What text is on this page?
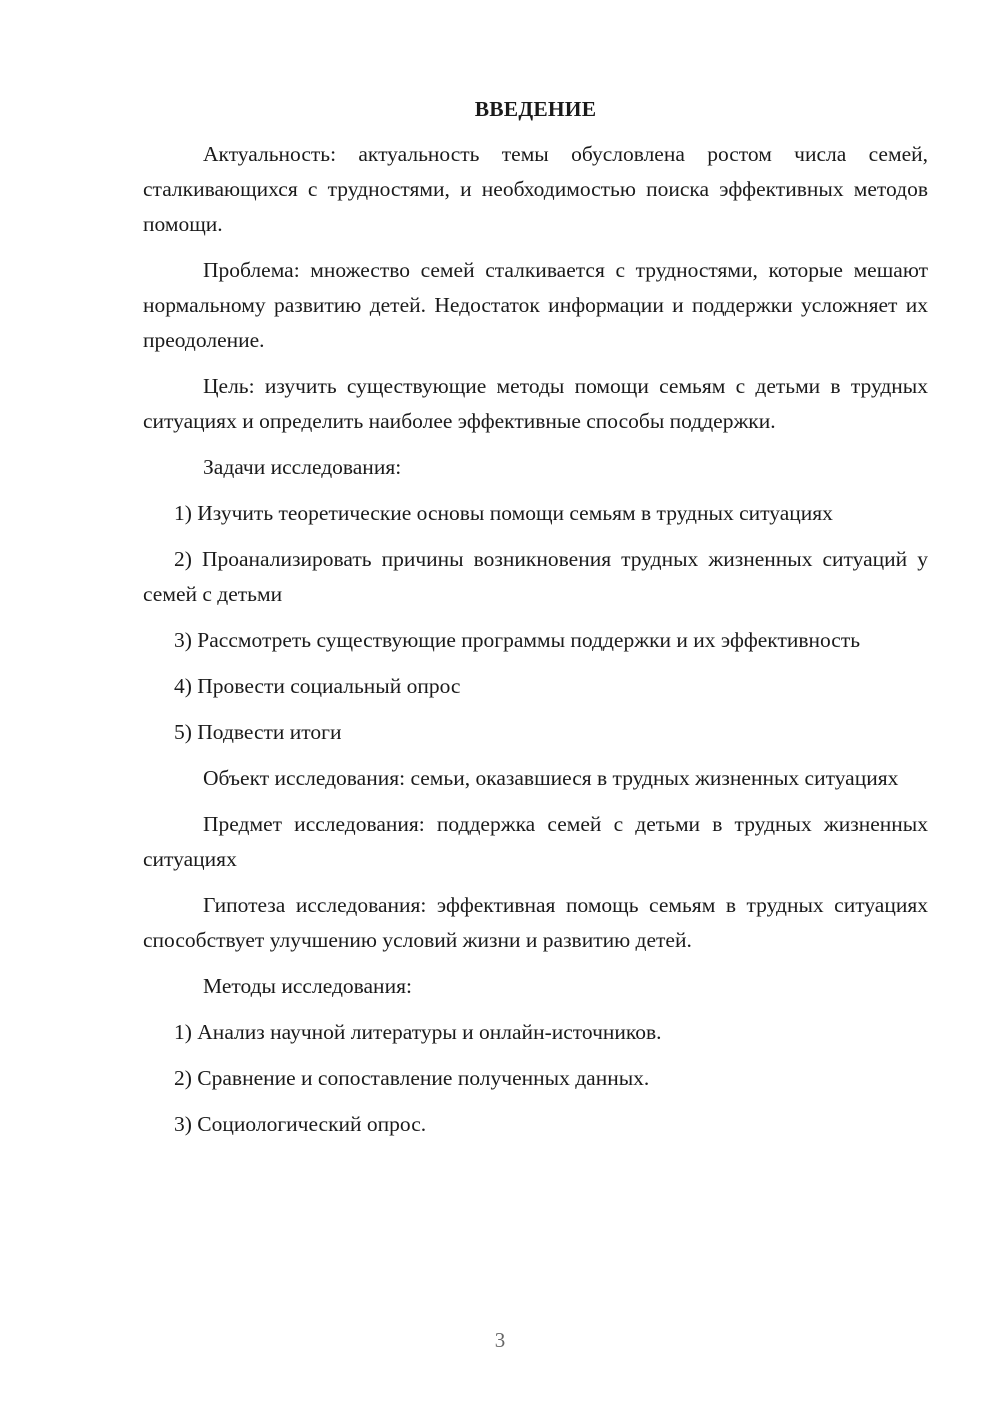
ВВЕДЕНИЕ

Актуальность: актуальность темы обусловлена ростом числа семей, сталкивающихся с трудностями, и необходимостью поиска эффективных методов помощи.

Проблема: множество семей сталкивается с трудностями, которые мешают нормальному развитию детей. Недостаток информации и поддержки усложняет их преодоление.

Цель: изучить существующие методы помощи семьям с детьми в трудных ситуациях и определить наиболее эффективные способы поддержки.

Задачи исследования:

1) Изучить теоретические основы помощи семьям в трудных ситуациях

2) Проанализировать причины возникновения трудных жизненных ситуаций у семей с детьми

3) Рассмотреть существующие программы поддержки и их эффективность

4) Провести социальный опрос

5) Подвести итоги

Объект исследования: семьи, оказавшиеся в трудных жизненных ситуациях

Предмет исследования: поддержка семей с детьми в трудных жизненных ситуациях

Гипотеза исследования: эффективная помощь семьям в трудных ситуациях способствует улучшению условий жизни и развитию детей.

Методы исследования:

1) Анализ научной литературы и онлайн-источников.

2) Сравнение и сопоставление полученных данных.

3) Социологический опрос.

3
